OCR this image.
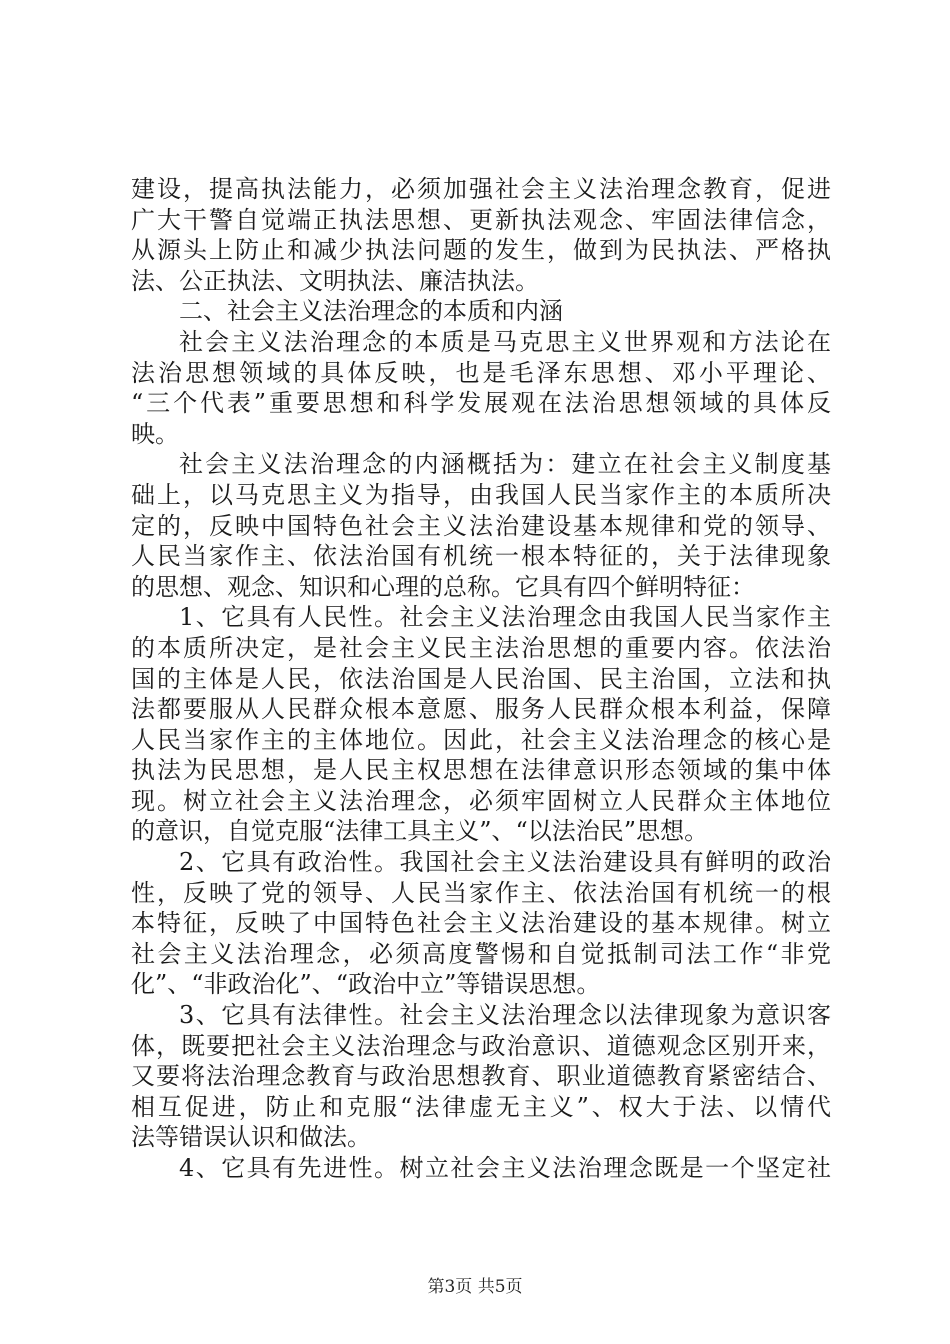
建设，提高执法能力，必须加强社会主义法治理念教育，促进
广大干警自觉端正执法思想、更新执法观念、牢固法律信念，
从源头上防止和减少执法问题的发生，做到为民执法、严格执
法、公正执法、文明执法、廉洁执法。
二、社会主义法治理念的本质和内涵
社会主义法治理念的本质是马克思主义世界观和方法论在
法治思想领域的具体反映，也是毛泽东思想、邓小平理论、
“三个代表”重要思想和科学发展观在法治思想领域的具体反
映。
社会主义法治理念的内涵概括为：建立在社会主义制度基
础上，以马克思主义为指导，由我国人民当家作主的本质所决
定的，反映中国特色社会主义法治建设基本规律和党的领导、
人民当家作主、依法治国有机统一根本特征的，关于法律现象
的思想、观念、知识和心理的总称。它具有四个鲜明特征：
1、它具有人民性。社会主义法治理念由我国人民当家作主
的本质所决定，是社会主义民主法治思想的重要内容。依法治
国的主体是人民，依法治国是人民治国、民主治国，立法和执
法都要服从人民群众根本意愿、服务人民群众根本利益，保障
人民当家作主的主体地位。因此，社会主义法治理念的核心是
执法为民思想，是人民主权思想在法律意识形态领域的集中体
现。树立社会主义法治理念，必须牢固树立人民群众主体地位
的意识，自觉克服“法律工具主义”、“以法治民”思想。
2、它具有政治性。我国社会主义法治建设具有鲜明的政治
性，反映了党的领导、人民当家作主、依法治国有机统一的根
本特征，反映了中国特色社会主义法治建设的基本规律。树立
社会主义法治理念，必须高度警惕和自觉抵制司法工作“非党
化”、“非政治化”、“政治中立”等错误思想。
3、它具有法律性。社会主义法治理念以法律现象为意识客
体，既要把社会主义法治理念与政治意识、道德观念区别开来，
又要将法治理念教育与政治思想教育、职业道德教育紧密结合、
相互促进，防止和克服“法律虚无主义”、权大于法、以情代
法等错误认识和做法。
4、它具有先进性。树立社会主义法治理念既是一个坚定社
第3页 共5页
